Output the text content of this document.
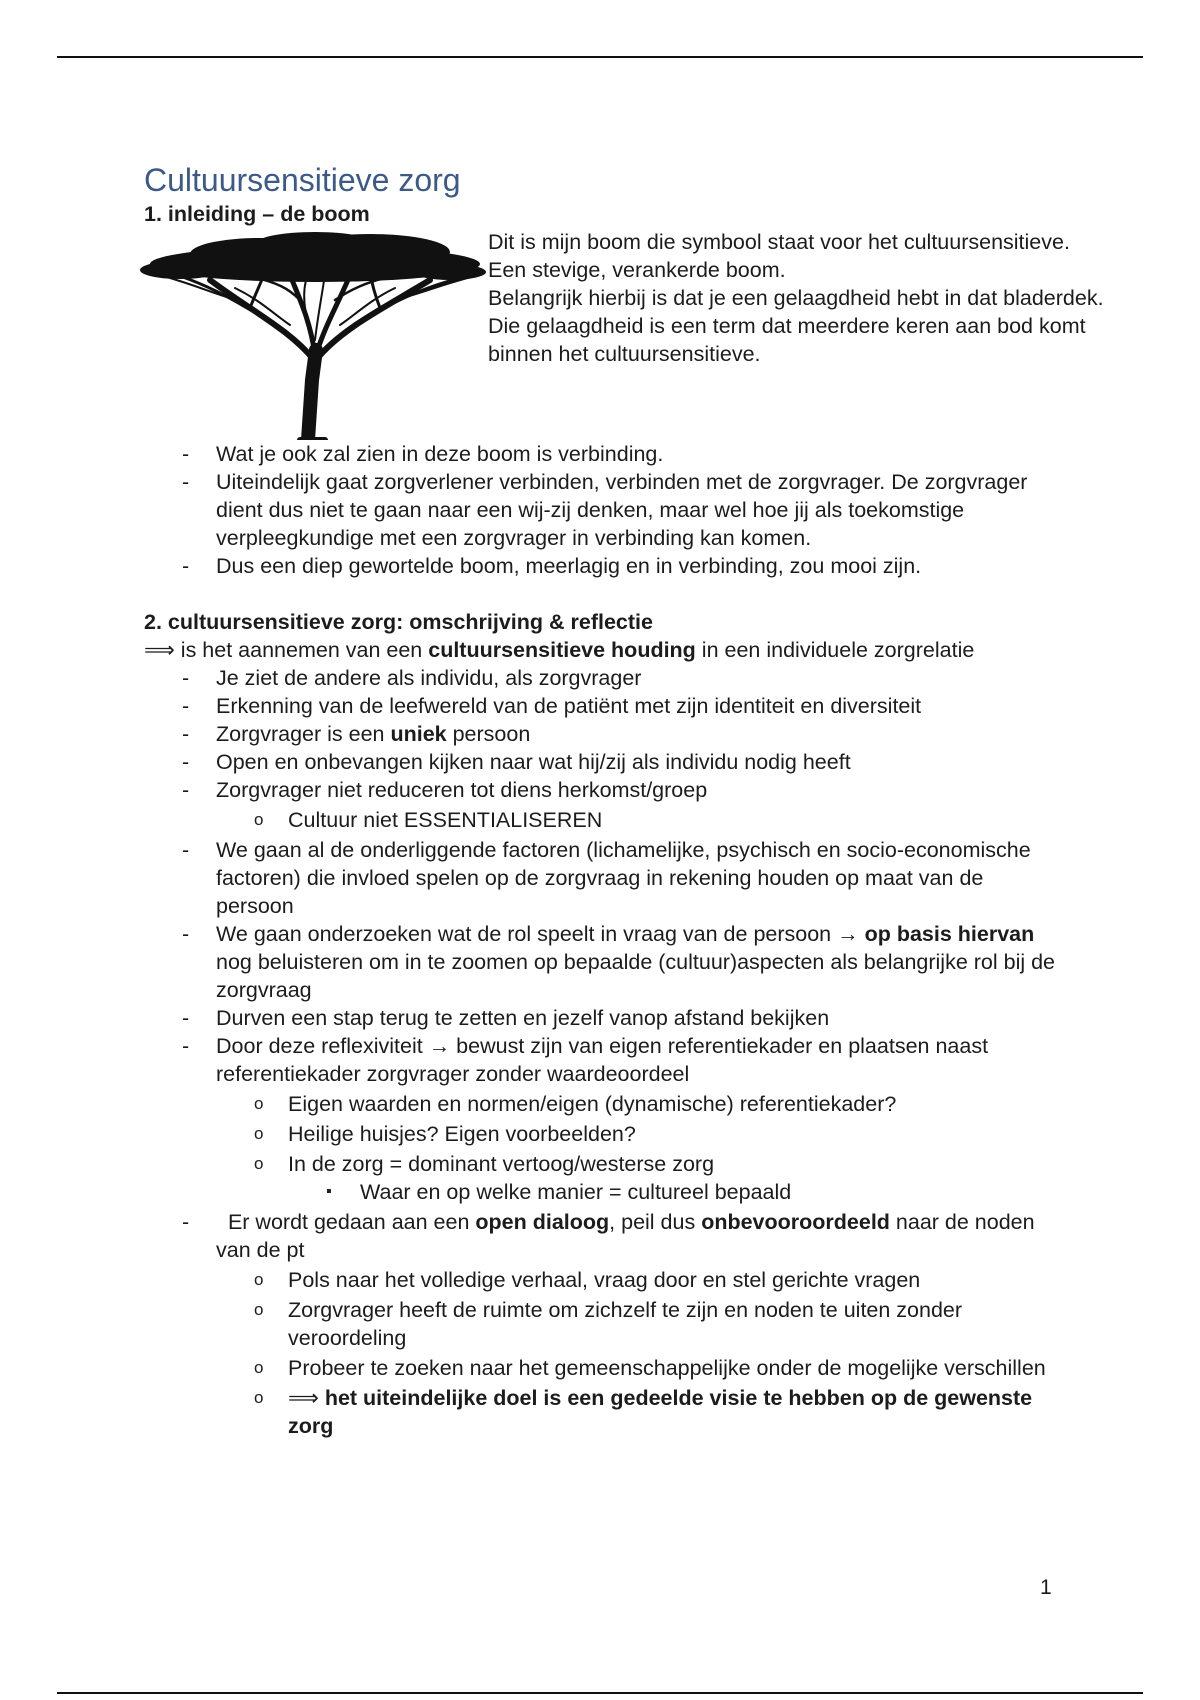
Cultuursensitieve zorg
1. inleiding – de boom

Dit is mijn boom die symbool staat voor het cultuursensitieve.

Een stevige, verankerde boom.

Belangrijk hierbij is dat je een gelaagdheid hebt in dat bladerdek.

Die gelaagdheid is een term dat meerdere keren aan bod komt binnen het cultuursensitieve.

- Wat je ook zal zien in deze boom is verbinding.
- Uiteindelijk gaat zorgverlener verbinden, verbinden met de zorgvrager. De zorgvrager dient dus niet te gaan naar een wij-zij denken, maar wel hoe jij als toekomstige verpleegkundige met een zorgvrager in verbinding kan komen.
- Dus een diep gewortelde boom, meerlagig en in verbinding, zou mooi zijn.
2. cultuursensitieve zorg: omschrijving & reflectie

⟹ is het aannemen van een cultuursensitieve houding in een individuele zorgrelatie

- Je ziet de andere als individu, als zorgvrager
- Erkenning van de leefwereld van de patiënt met zijn identiteit en diversiteit
- Zorgvrager is een uniek persoon
- Open en onbevangen kijken naar wat hij/zij als individu nodig heeft
- Zorgvrager niet reduceren tot diens herkomst/groep
o Cultuur niet ESSENTIALISEREN
- We gaan al de onderliggende factoren (lichamelijke, psychisch en socio-economische factoren) die invloed spelen op de zorgvraag in rekening houden op maat van de persoon
- We gaan onderzoeken wat de rol speelt in vraag van de persoon → op basis hiervan nog beluisteren om in te zoomen op bepaalde (cultuur)aspecten als belangrijke rol bij de zorgvraag
- Durven een stap terug te zetten en jezelf vanop afstand bekijken
- Door deze reflexiviteit → bewust zijn van eigen referentiekader en plaatsen naast referentiekader zorgvrager zonder waardeoordeel
o Eigen waarden en normen/eigen (dynamische) referentiekader?
o Heilige huisjes? Eigen voorbeelden?
o In de zorg = dominant vertoog/westerse zorg
▪ Waar en op welke manier = cultureel bepaald
- Er wordt gedaan aan een open dialoog, peil dus onbevooroordeeld naar de noden van de pt
o Pols naar het volledige verhaal, vraag door en stel gerichte vragen
o Zorgvrager heeft de ruimte om zichzelf te zijn en noden te uiten zonder veroordeling
o Probeer te zoeken naar het gemeenschappelijke onder de mogelijke verschillen
o ⟹ het uiteindelijke doel is een gedeelde visie te hebben op de gewenste zorg
1
